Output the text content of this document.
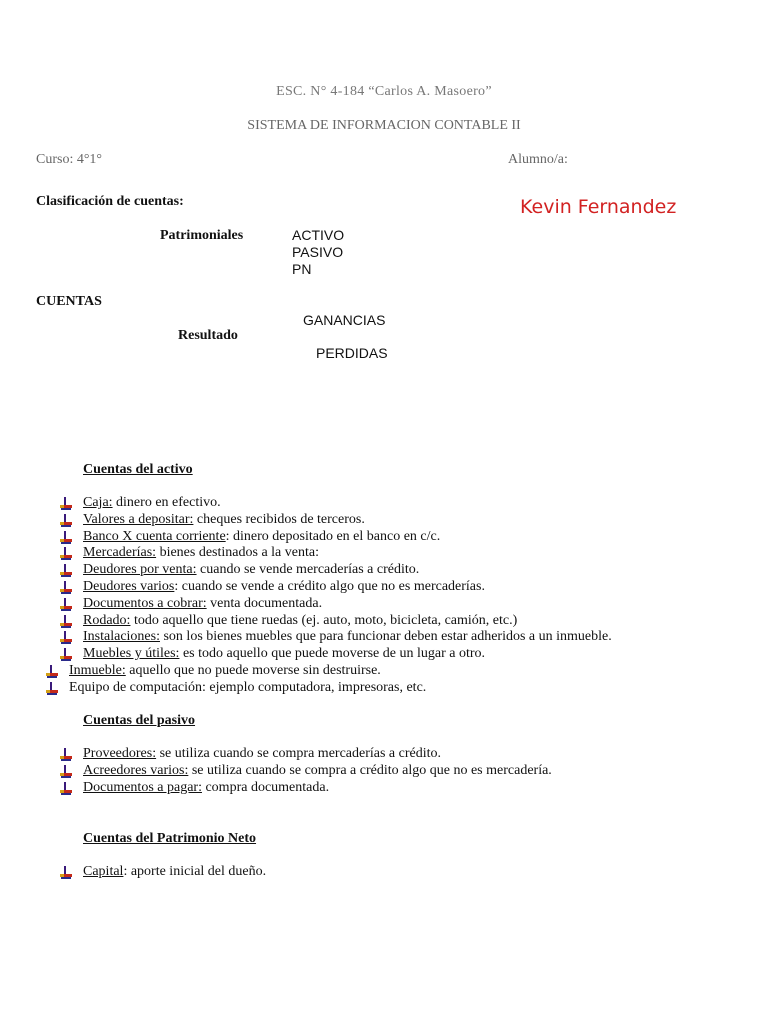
ESC. N° 4-184 “Carlos A. Masoero”
SISTEMA DE INFORMACION CONTABLE II
Curso: 4°1°	Alumno/a:
Kevin Fernandez
Clasificación de cuentas:
Patrimoniales	ACTIVO
PASIVO
PN
CUENTAS
GANANCIAS
Resultado
PERDIDAS
Cuentas del activo
Caja: dinero en efectivo.
Valores a depositar: cheques recibidos de terceros.
Banco X cuenta corriente: dinero depositado en el banco en c/c.
Mercaderías: bienes destinados a la venta:
Deudores por venta: cuando se vende mercaderías a crédito.
Deudores varios: cuando se vende a crédito algo que no es mercaderías.
Documentos a cobrar: venta documentada.
Rodado: todo aquello que tiene ruedas (ej. auto, moto, bicicleta, camión, etc.)
Instalaciones: son los bienes muebles que para funcionar deben estar adheridos a un inmueble.
Muebles y útiles: es todo aquello que puede moverse de un lugar a otro.
Inmueble: aquello que no puede moverse sin destruirse.
Equipo de computación: ejemplo computadora, impresoras, etc.
Cuentas del pasivo
Proveedores: se utiliza cuando se compra mercaderías a crédito.
Acreedores varios: se utiliza cuando se compra a crédito algo que no es mercadería.
Documentos a pagar: compra documentada.
Cuentas del Patrimonio Neto
Capital: aporte inicial del dueño.
